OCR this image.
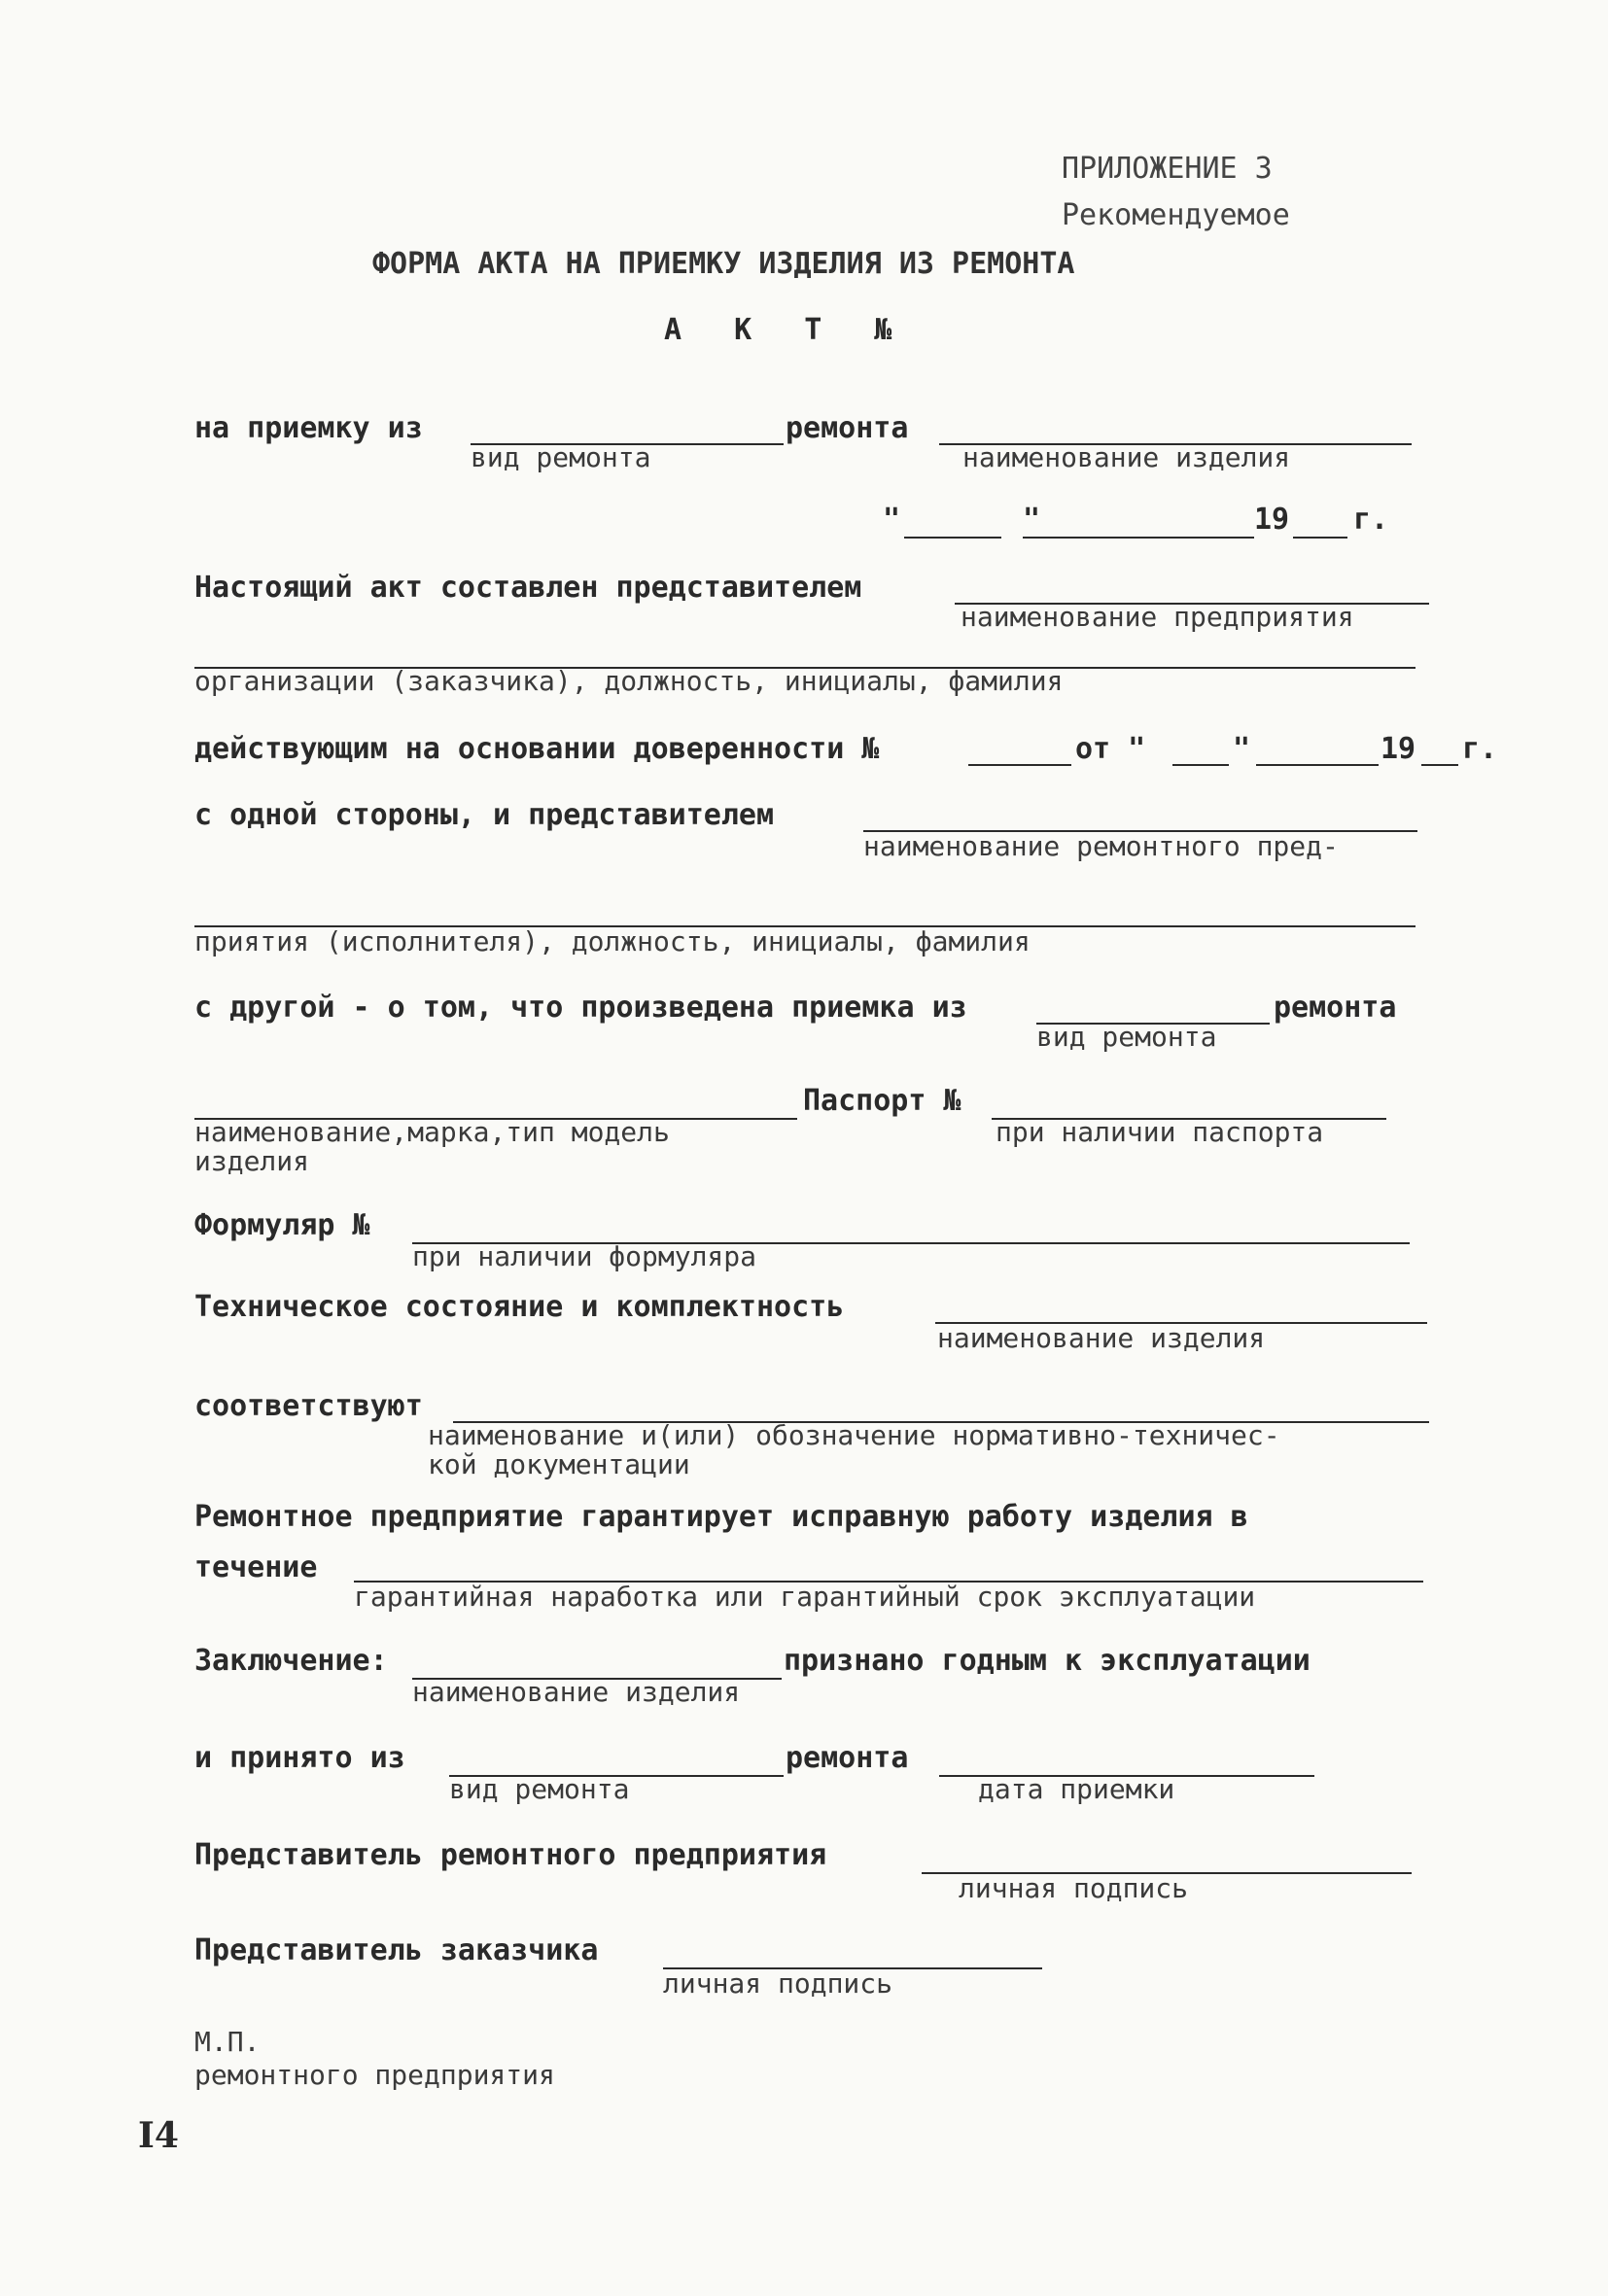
ПРИЛОЖЕНИЕ 3
Рекомендуемое
ФОРМА АКТА НА ПРИЕМКУ ИЗДЕЛИЯ ИЗ РЕМОНТА
А К Т №
на приемку из	ремонта
вид ремонта	наименование изделия
"	"	19 г.
Настоящий акт составлен представителем
наименование предприятия
организации (заказчика), должность, инициалы, фамилия
действующим на основании доверенности №	от "	"	19 г.
с одной стороны, и представителем
наименование ремонтного пред-
приятия (исполнителя), должность, инициалы, фамилия
с другой - о том, что произведена приемка из	ремонта
вид ремонта
Паспорт №
наименование,марка,тип модель
изделия
при наличии паспорта
Формуляр №
при наличии формуляра
Техническое состояние и комплектность
наименование изделия
соответствуют
наименование и(или) обозначение нормативно-техничес-
кой документации
Ремонтное предприятие гарантирует исправную работу изделия в
течение
гарантийная наработка или гарантийный срок эксплуатации
Заключение:	признано годным к эксплуатации
наименование изделия
и принято из	ремонта
вид ремонта	дата приемки
Представитель ремонтного предприятия
личная подпись
Представитель заказчика
личная подпись
М.П.
ремонтного предприятия
I4
